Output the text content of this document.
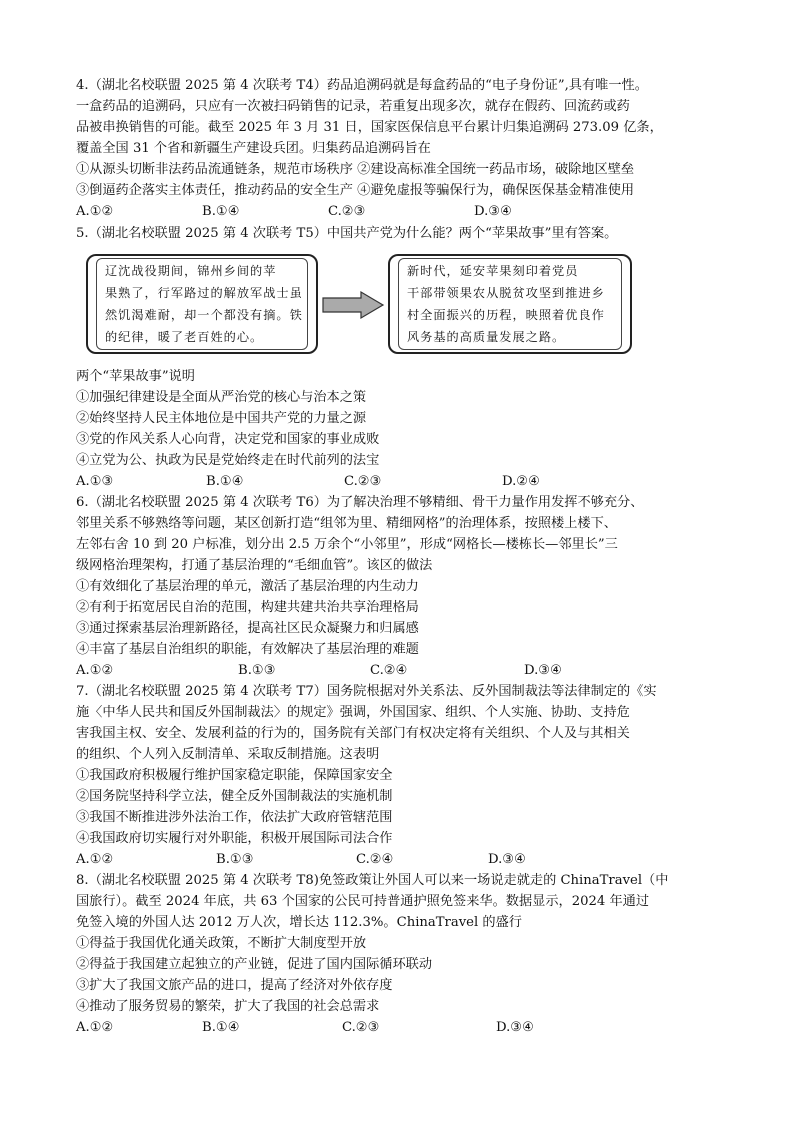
4.（湖北名校联盟 2025 第 4 次联考 T4）药品追溯码就是每盒药品的“电子身份证”,具有唯一性。
一盒药品的追溯码，只应有一次被扫码销售的记录，若重复出现多次，就存在假药、回流药或药
品被串换销售的可能。截至 2025 年 3 月 31 日，国家医保信息平台累计归集追溯码 273.09 亿条，
覆盖全国 31 个省和新疆生产建设兵团。归集药品追溯码旨在
①从源头切断非法药品流通链条，规范市场秩序 ②建设高标准全国统一药品市场，破除地区壁垒
③倒逼药企落实主体责任，推动药品的安全生产 ④避免虚报等骗保行为，确保医保基金精准使用
A.①②	B.①④	C.②③	D.③④
5.（湖北名校联盟 2025 第 4 次联考 T5）中国共产党为什么能？两个“苹果故事”里有答案。
辽沈战役期间，锦州乡间的苹
果熟了，行军路过的解放军战士虽
然饥渴难耐，却一个都没有摘。铁
的纪律，暖了老百姓的心。
新时代，延安苹果刻印着党员
干部带领果农从脱贫攻坚到推进乡
村全面振兴的历程，映照着优良作
风务基的高质量发展之路。
两个“苹果故事”说明
①加强纪律建设是全面从严治党的核心与治本之策
②始终坚持人民主体地位是中国共产党的力量之源
③党的作风关系人心向背，决定党和国家的事业成败
④立党为公、执政为民是党始终走在时代前列的法宝
A.①③	B.①④	C.②③	D.②④
6.（湖北名校联盟 2025 第 4 次联考 T6）为了解决治理不够精细、骨干力量作用发挥不够充分、
邻里关系不够熟络等问题，某区创新打造“组邻为里、精细网格”的治理体系，按照楼上楼下、
左邻右舍 10 到 20 户标准，划分出 2.5 万余个“小邻里”，形成“网格长—楼栋长—邻里长”三
级网格治理架构，打通了基层治理的“毛细血管”。该区的做法
①有效细化了基层治理的单元，激活了基层治理的内生动力
②有利于拓宽居民自治的范围，构建共建共治共享治理格局
③通过探索基层治理新路径，提高社区民众凝聚力和归属感
④丰富了基层自治组织的职能，有效解决了基层治理的难题
A.①②	B.①③	C.②④	D.③④
7.（湖北名校联盟 2025 第 4 次联考 T7）国务院根据对外关系法、反外国制裁法等法律制定的《实
施〈中华人民共和国反外国制裁法〉的规定》强调，外国国家、组织、个人实施、协助、支持危
害我国主权、安全、发展利益的行为的，国务院有关部门有权决定将有关组织、个人及与其相关
的组织、个人列入反制清单、采取反制措施。这表明
①我国政府积极履行维护国家稳定职能，保障国家安全
②国务院坚持科学立法，健全反外国制裁法的实施机制
③我国不断推进涉外法治工作，依法扩大政府管辖范围
④我国政府切实履行对外职能，积极开展国际司法合作
A.①②	B.①③	C.②④	D.③④
8.（湖北名校联盟 2025 第 4 次联考 T8)免签政策让外国人可以来一场说走就走的 ChinaTravel（中
国旅行）。截至 2024 年底，共 63 个国家的公民可持普通护照免签来华。数据显示，2024 年通过
免签入境的外国人达 2012 万人次，增长达 112.3%。ChinaTravel 的盛行
①得益于我国优化通关政策，不断扩大制度型开放
②得益于我国建立起独立的产业链，促进了国内国际循环联动
③扩大了我国文旅产品的进口，提高了经济对外依存度
④推动了服务贸易的繁荣，扩大了我国的社会总需求
A.①②	B.①④	C.②③	D.③④
